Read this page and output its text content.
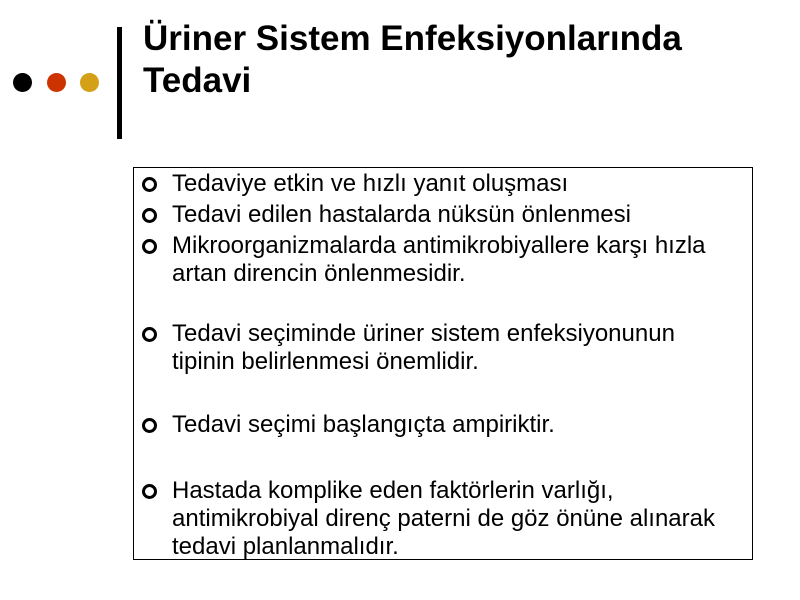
Üriner Sistem Enfeksiyonlarında Tedavi
Tedaviye etkin ve hızlı yanıt oluşması
Tedavi edilen hastalarda nüksün önlenmesi
Mikroorganizmalarda antimikrobiyallere karşı hızla artan direncin önlenmesidir.
Tedavi seçiminde üriner sistem enfeksiyonunun tipinin belirlenmesi önemlidir.
Tedavi seçimi başlangıçta ampiriktir.
Hastada komplike eden faktörlerin varlığı, antimikrobiyal direnç paterni de göz önüne alınarak tedavi planlanmalıdır.
